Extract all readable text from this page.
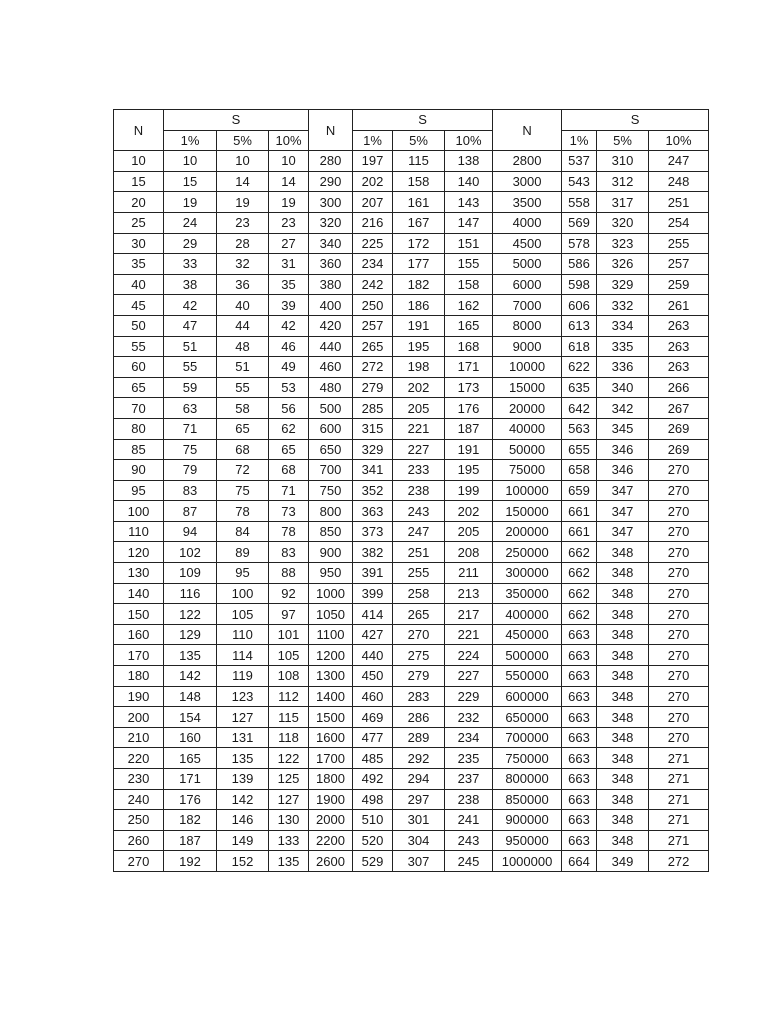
N	S			N	S			N	S		
	1%	5%	10%		1%	5%	10%		1%	5%	10%
10	10	10	10	280	197	115	138	2800	537	310	247
15	15	14	14	290	202	158	140	3000	543	312	248
20	19	19	19	300	207	161	143	3500	558	317	251
25	24	23	23	320	216	167	147	4000	569	320	254
30	29	28	27	340	225	172	151	4500	578	323	255
35	33	32	31	360	234	177	155	5000	586	326	257
40	38	36	35	380	242	182	158	6000	598	329	259
45	42	40	39	400	250	186	162	7000	606	332	261
50	47	44	42	420	257	191	165	8000	613	334	263
55	51	48	46	440	265	195	168	9000	618	335	263
60	55	51	49	460	272	198	171	10000	622	336	263
65	59	55	53	480	279	202	173	15000	635	340	266
70	63	58	56	500	285	205	176	20000	642	342	267
80	71	65	62	600	315	221	187	40000	563	345	269
85	75	68	65	650	329	227	191	50000	655	346	269
90	79	72	68	700	341	233	195	75000	658	346	270
95	83	75	71	750	352	238	199	100000	659	347	270
100	87	78	73	800	363	243	202	150000	661	347	270
110	94	84	78	850	373	247	205	200000	661	347	270
120	102	89	83	900	382	251	208	250000	662	348	270
130	109	95	88	950	391	255	211	300000	662	348	270
140	116	100	92	1000	399	258	213	350000	662	348	270
150	122	105	97	1050	414	265	217	400000	662	348	270
160	129	110	101	1100	427	270	221	450000	663	348	270
170	135	114	105	1200	440	275	224	500000	663	348	270
180	142	119	108	1300	450	279	227	550000	663	348	270
190	148	123	112	1400	460	283	229	600000	663	348	270
200	154	127	115	1500	469	286	232	650000	663	348	270
210	160	131	118	1600	477	289	234	700000	663	348	270
220	165	135	122	1700	485	292	235	750000	663	348	271
230	171	139	125	1800	492	294	237	800000	663	348	271
240	176	142	127	1900	498	297	238	850000	663	348	271
250	182	146	130	2000	510	301	241	900000	663	348	271
260	187	149	133	2200	520	304	243	950000	663	348	271
270	192	152	135	2600	529	307	245	1000000	664	349	272
